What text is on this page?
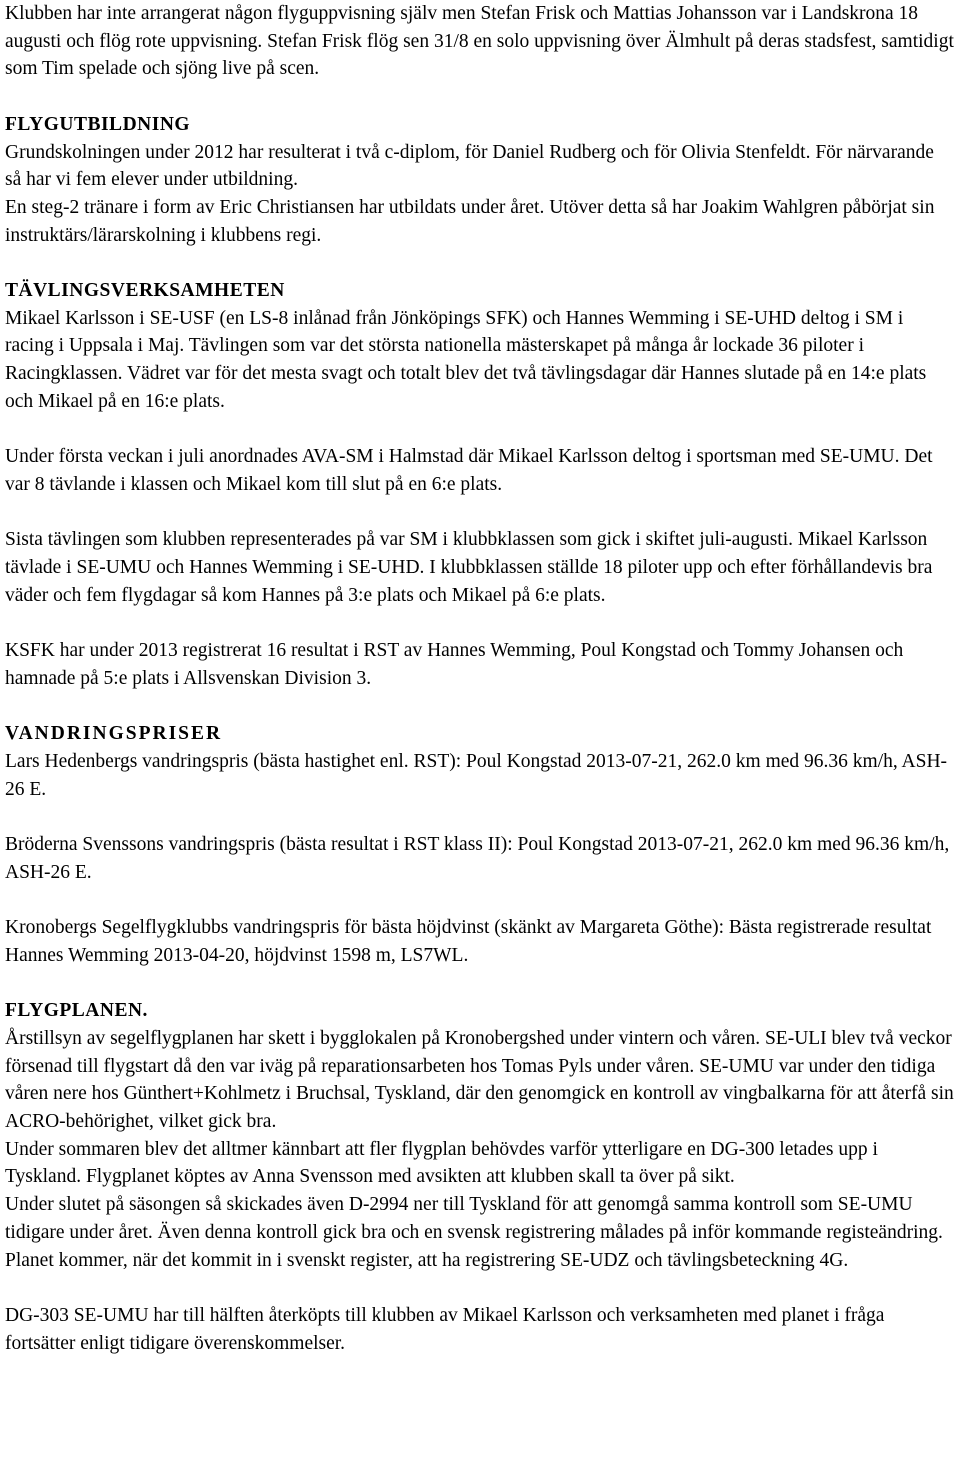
Klubben har inte arrangerat någon flyguppvisning själv men Stefan Frisk och Mattias Johansson var i Landskrona 18 augusti och flög rote uppvisning. Stefan Frisk flög sen 31/8 en solo uppvisning över Älmhult på deras stadsfest, samtidigt som Tim spelade och sjöng live på scen.

FLYGUTBILDNING

Grundskolningen under 2012 har resulterat i två c-diplom, för Daniel Rudberg och för Olivia Stenfeldt. För närvarande så har vi fem elever under utbildning.

En steg-2 tränare i form av Eric Christiansen har utbildats under året. Utöver detta så har Joakim Wahlgren påbörjat sin instruktärs/lärarskolning i klubbens regi.

TÄVLINGSVERKSAMHETEN

Mikael Karlsson i SE-USF (en LS-8 inlånad från Jönköpings SFK) och Hannes Wemming i SE-UHD deltog i SM i racing i Uppsala i Maj. Tävlingen som var det största nationella mästerskapet på många år lockade 36 piloter i Racingklassen. Vädret var för det mesta svagt och totalt blev det två tävlingsdagar där Hannes slutade på en 14:e plats och Mikael på en 16:e plats.

Under första veckan i juli anordnades AVA-SM i Halmstad där Mikael Karlsson deltog i sportsman med SE-UMU. Det var 8 tävlande i klassen och Mikael kom till slut på en 6:e plats.

Sista tävlingen som klubben representerades på var SM i klubbklassen som gick i skiftet juli-augusti. Mikael Karlsson tävlade i SE-UMU och Hannes Wemming i SE-UHD. I klubbklassen ställde 18 piloter upp och efter förhållandevis bra väder och fem flygdagar så kom Hannes på 3:e plats och Mikael på 6:e plats.

KSFK har under 2013 registrerat 16 resultat i RST av Hannes Wemming, Poul Kongstad och Tommy Johansen och hamnade på 5:e plats i Allsvenskan Division 3.

VANDRINGSPRISER

Lars Hedenbergs vandringspris (bästa hastighet enl. RST): Poul Kongstad 2013-07-21, 262.0 km med 96.36 km/h, ASH-26 E.

Bröderna Svenssons vandringspris (bästa resultat i RST klass II): Poul Kongstad 2013-07-21, 262.0 km med 96.36 km/h, ASH-26 E.

Kronobergs Segelflygklubbs vandringspris för bästa höjdvinst (skänkt av Margareta Göthe): Bästa registrerade resultat Hannes Wemming 2013-04-20, höjdvinst 1598 m, LS7WL.

FLYGPLANEN.

Årstillsyn av segelflygplanen har skett i bygglokalen på Kronobergshed under vintern och våren. SE-ULI blev två veckor försenad till flygstart då den var iväg på reparationsarbeten hos Tomas Pyls under våren. SE-UMU var under den tidiga våren nere hos Günthert+Kohlmetz i Bruchsal, Tyskland, där den genomgick en kontroll av vingbalkarna för att återfå sin ACRO-behörighet, vilket gick bra.

Under sommaren blev det alltmer kännbart att fler flygplan behövdes varför ytterligare en DG-300 letades upp i Tyskland. Flygplanet köptes av Anna Svensson med avsikten att klubben skall ta över på sikt.

Under slutet på säsongen så skickades även D-2994 ner till Tyskland för att genomgå samma kontroll som SE-UMU tidigare under året. Även denna kontroll gick bra och en svensk registrering målades på inför kommande registeändring. Planet kommer, när det kommit in i svenskt register, att ha registrering SE-UDZ och tävlingsbeteckning 4G.

DG-303 SE-UMU har till hälften återköpts till klubben av Mikael Karlsson och verksamheten med planet i fråga fortsätter enligt tidigare överenskommelser.
